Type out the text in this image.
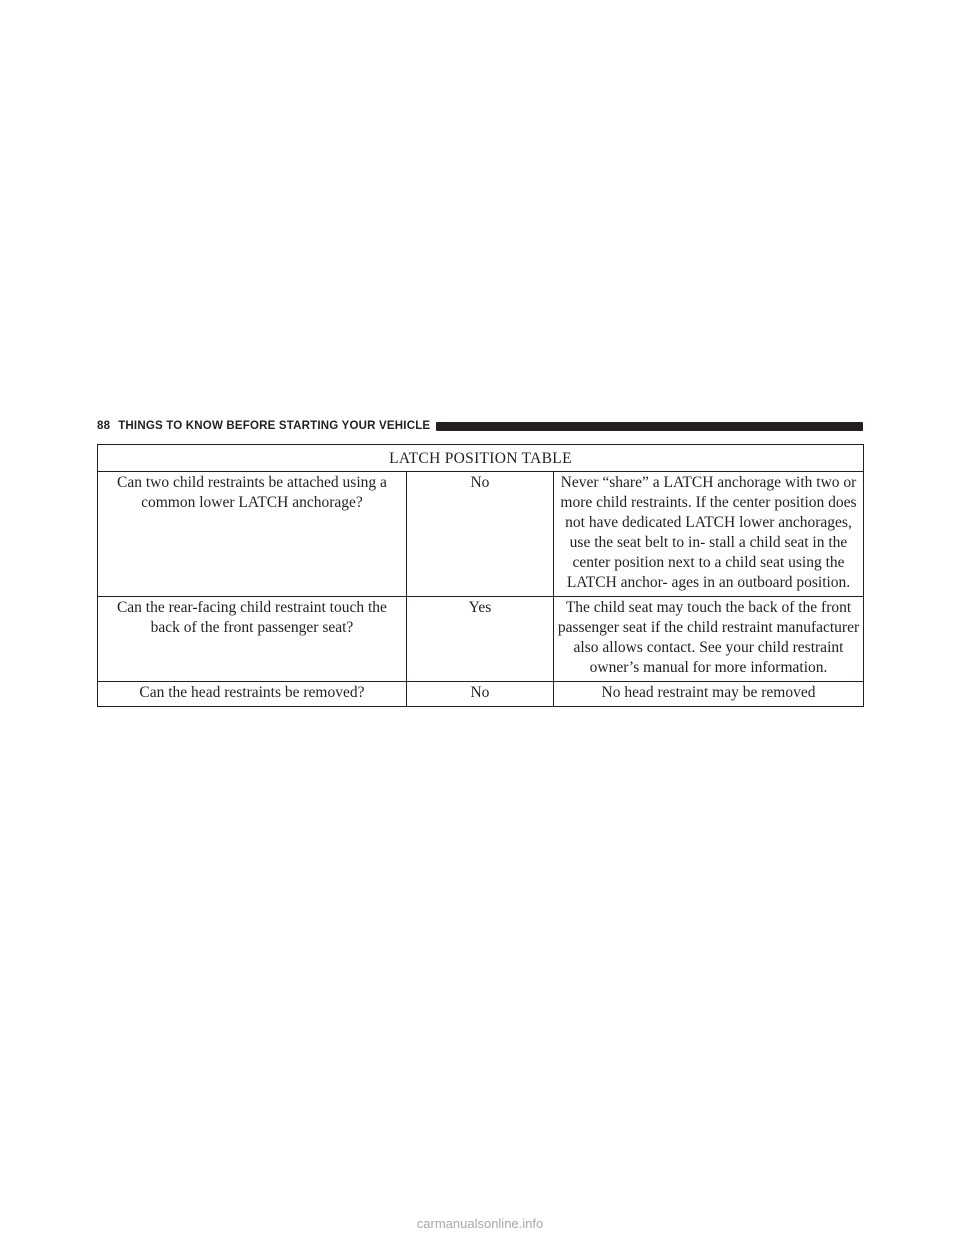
88 THINGS TO KNOW BEFORE STARTING YOUR VEHICLE
LATCH POSITION TABLE		
Can two child restraints be attached using a common lower LATCH anchorage?	No	Never “share” a LATCH anchorage with two or more child restraints. If the center position does not have dedicated LATCH lower anchorages, use the seat belt to in- stall a child seat in the center position next to a child seat using the LATCH anchor- ages in an outboard position.
Can the rear-facing child restraint touch the back of the front passenger seat?	Yes	The child seat may touch the back of the front passenger seat if the child restraint manufacturer also allows contact. See your child restraint owner’s manual for more information.
Can the head restraints be removed?	No	No head restraint may be removed
carmanualsonline.info
